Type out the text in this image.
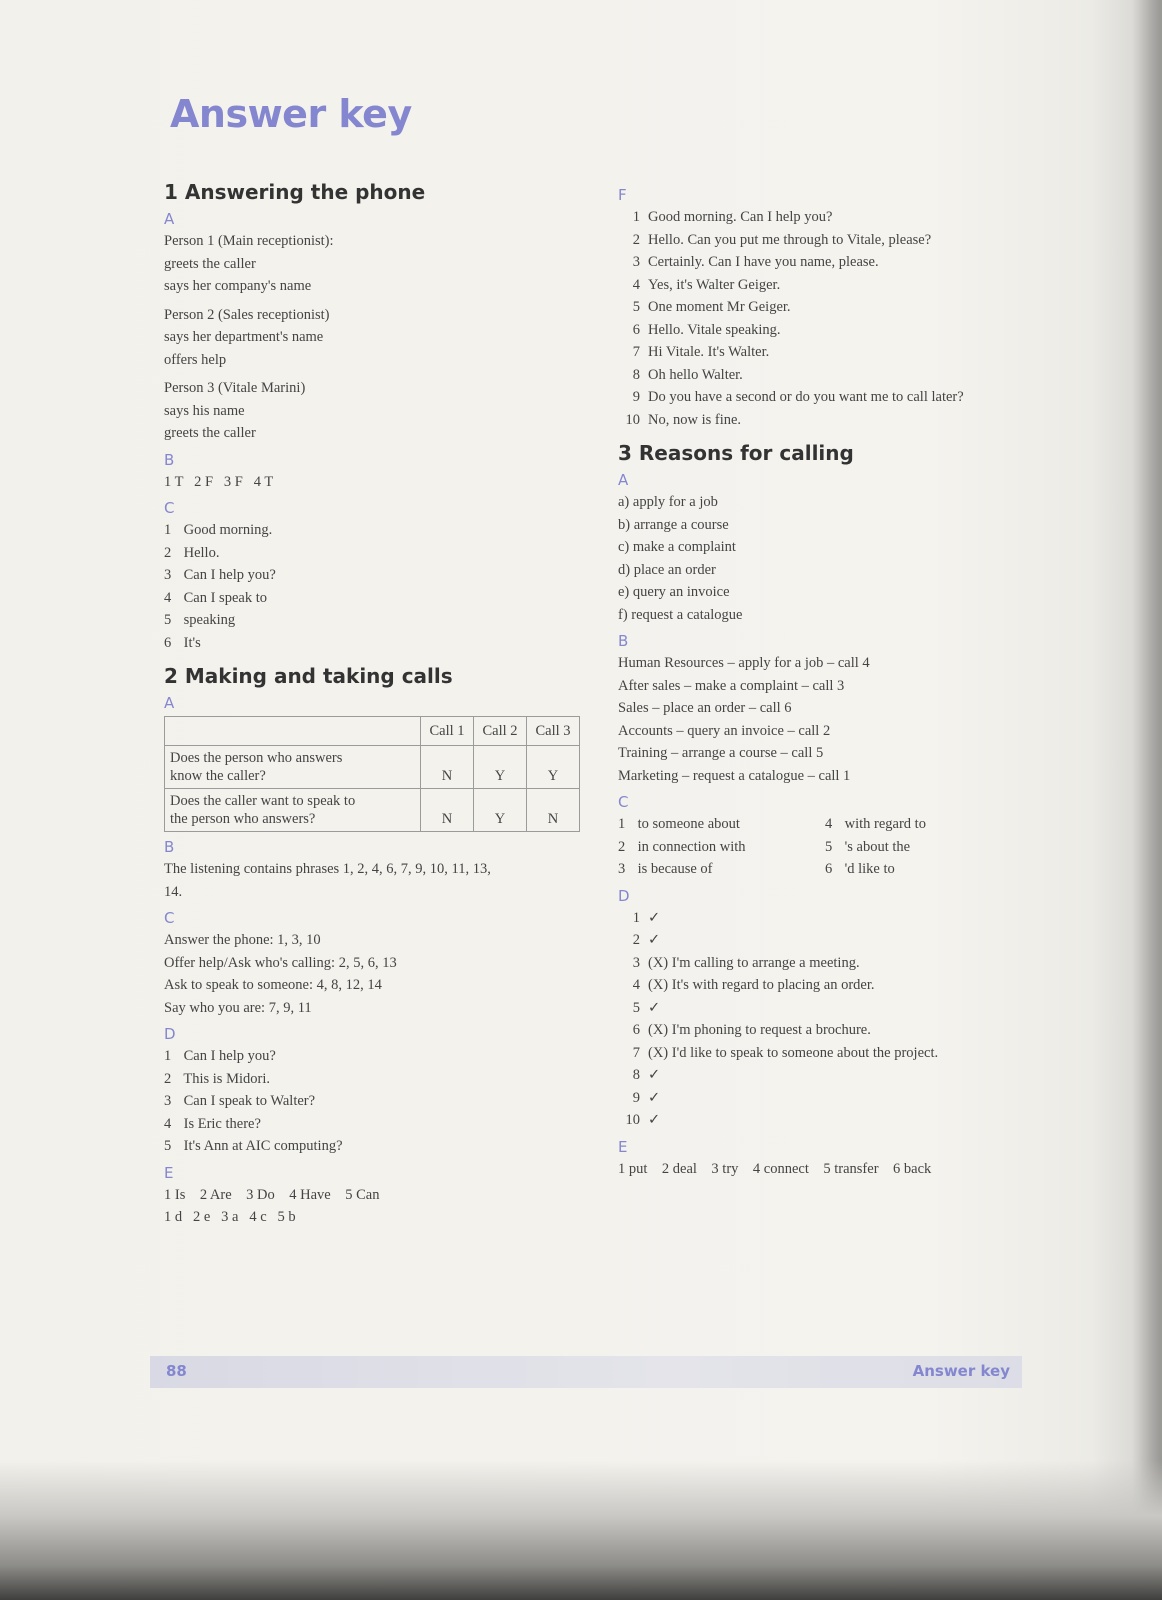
Answer key
1 Answering the phone
A
Person 1 (Main receptionist):
greets the caller
says her company's name
Person 2 (Sales receptionist)
says her department's name
offers help
Person 3 (Vitale Marini)
says his name
greets the caller
B
1 T   2 F   3 F   4 T
C
1 Good morning.
2 Hello.
3 Can I help you?
4 Can I speak to
5 speaking
6 It's
2 Making and taking calls
A
	Call 1	Call 2	Call 3
Does the person who answers
know the caller?	N	Y	Y
Does the caller want to speak to
the person who answers?	N	Y	N
B
The listening contains phrases 1, 2, 4, 6, 7, 9, 10, 11, 13,
14.
C
Answer the phone: 1, 3, 10
Offer help/Ask who's calling: 2, 5, 6, 13
Ask to speak to someone: 4, 8, 12, 14
Say who you are: 7, 9, 11
D
1 Can I help you?
2 This is Midori.
3 Can I speak to Walter?
4 Is Eric there?
5 It's Ann at AIC computing?
E
1 Is    2 Are    3 Do    4 Have    5 Can
1 d   2 e   3 a   4 c   5 b
F
1 Good morning. Can I help you?
2 Hello. Can you put me through to Vitale, please?
3 Certainly. Can I have you name, please.
4 Yes, it's Walter Geiger.
5 One moment Mr Geiger.
6 Hello. Vitale speaking.
7 Hi Vitale. It's Walter.
8 Oh hello Walter.
9 Do you have a second or do you want me to call later?
10 No, now is fine.
3 Reasons for calling
A
a) apply for a job
b) arrange a course
c) make a complaint
d) place an order
e) query an invoice
f) request a catalogue
B
Human Resources – apply for a job – call 4
After sales – make a complaint – call 3
Sales – place an order – call 6
Accounts – query an invoice – call 2
Training – arrange a course – call 5
Marketing – request a catalogue – call 1
C
1 to someone about
2 in connection with
3 is because of
4 with regard to
5 's about the
6 'd like to
D
1 ✓
2 ✓
3 (X) I'm calling to arrange a meeting.
4 (X) It's with regard to placing an order.
5 ✓
6 (X) I'm phoning to request a brochure.
7 (X) I'd like to speak to someone about the project.
8 ✓
9 ✓
10 ✓
E
1 put    2 deal    3 try    4 connect    5 transfer    6 back
88	Answer key
